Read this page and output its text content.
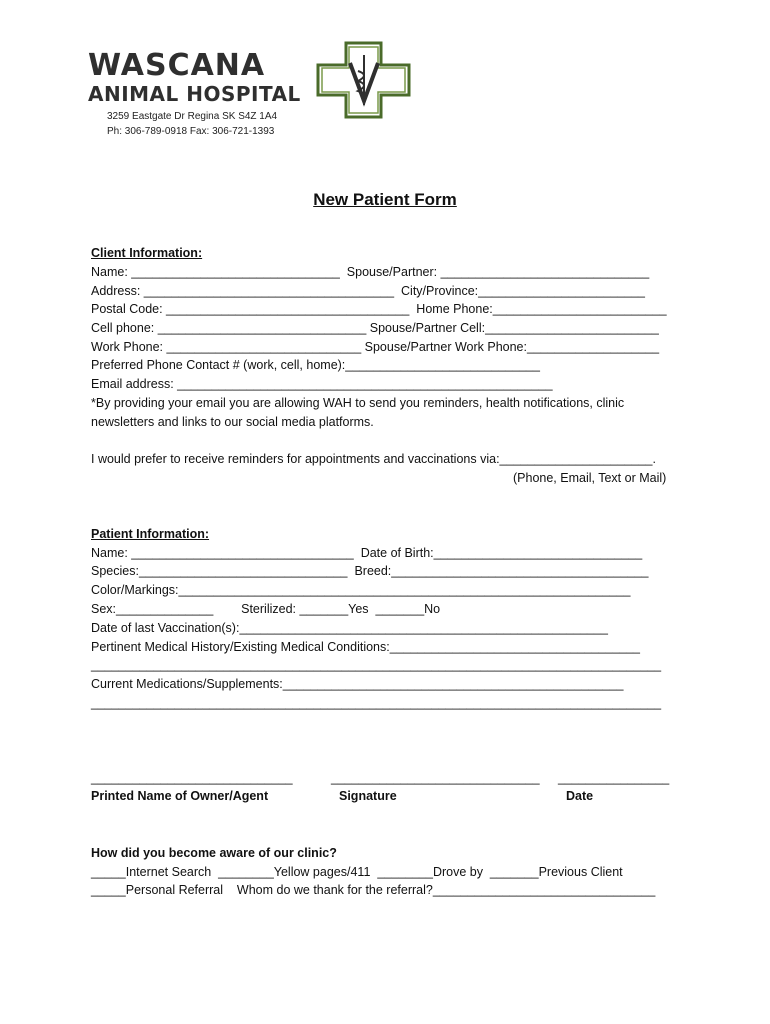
WASCANA
ANIMAL HOSPITAL
3259 Eastgate Dr Regina SK S4Z 1A4
Ph: 306-789-0918 Fax: 306-721-1393
New Patient Form
Client Information:
Name: ______________________________  Spouse/Partner: ______________________________
Address: ____________________________________  City/Province:________________________
Postal Code: ___________________________________  Home Phone:_________________________
Cell phone: ______________________________ Spouse/Partner Cell:_________________________
Work Phone: ____________________________ Spouse/Partner Work Phone:___________________
Preferred Phone Contact # (work, cell, home):____________________________
Email address: ______________________________________________________
*By providing your email you are allowing WAH to send you reminders, health notifications, clinic
newsletters and links to our social media platforms.
I would prefer to receive reminders for appointments and vaccinations via:______________________.
(Phone, Email, Text or Mail)
Patient Information:
Name: ________________________________  Date of Birth:______________________________
Species:______________________________  Breed:_____________________________________
Color/Markings:_________________________________________________________________
Sex:______________        Sterilized: _______Yes  _______No
Date of last Vaccination(s):_____________________________________________________
Pertinent Medical History/Existing Medical Conditions:____________________________________
__________________________________________________________________________________
Current Medications/Supplements:_________________________________________________
__________________________________________________________________________________
_____________________________	______________________________ ________________
Printed Name of Owner/Agent	Signature	Date
How did you become aware of our clinic?
_____Internet Search  ________Yellow pages/411  ________Drove by  _______Previous Client
_____Personal Referral    Whom do we thank for the referral?________________________________
